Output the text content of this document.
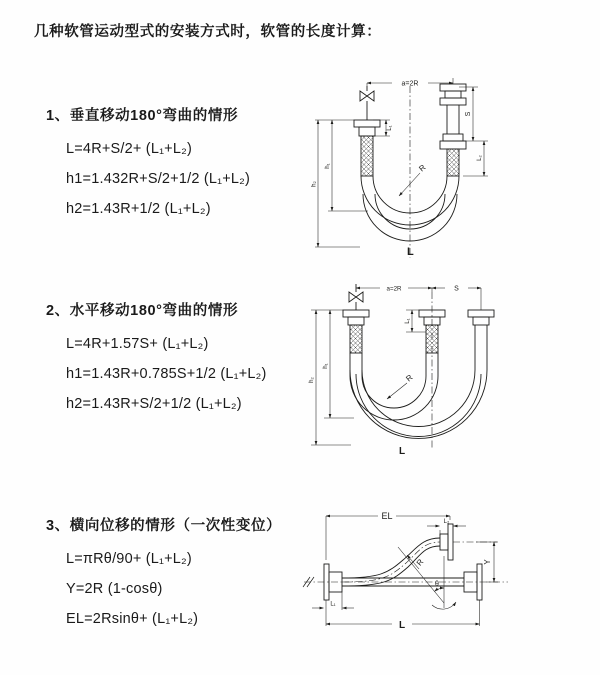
几种软管运动型式的安装方式时，软管的长度计算：
1、垂直移动180°弯曲的情形
L=4R+S/2+ (L₁+L₂)
h1=1.432R+S/2+1/2 (L₁+L₂)
h2=1.43R+1/2 (L₁+L₂)
2、水平移动180°弯曲的情形
L=4R+1.57S+ (L₁+L₂)
h1=1.43R+0.785S+1/2 (L₁+L₂)
h2=1.43R+S/2+1/2 (L₁+L₂)
3、横向位移的情形（一次性变位）
L=πRθ/90+ (L₁+L₂)
Y=2R (1-cosθ)
EL=2Rsinθ+ (L₁+L₂)
a=2R
L₁
S
L₂
h₁
h₂
R
L
a=2R	S
L₁
h₁
h₂	R
L
EL
L₂
Y
L
L₁
R
θ
